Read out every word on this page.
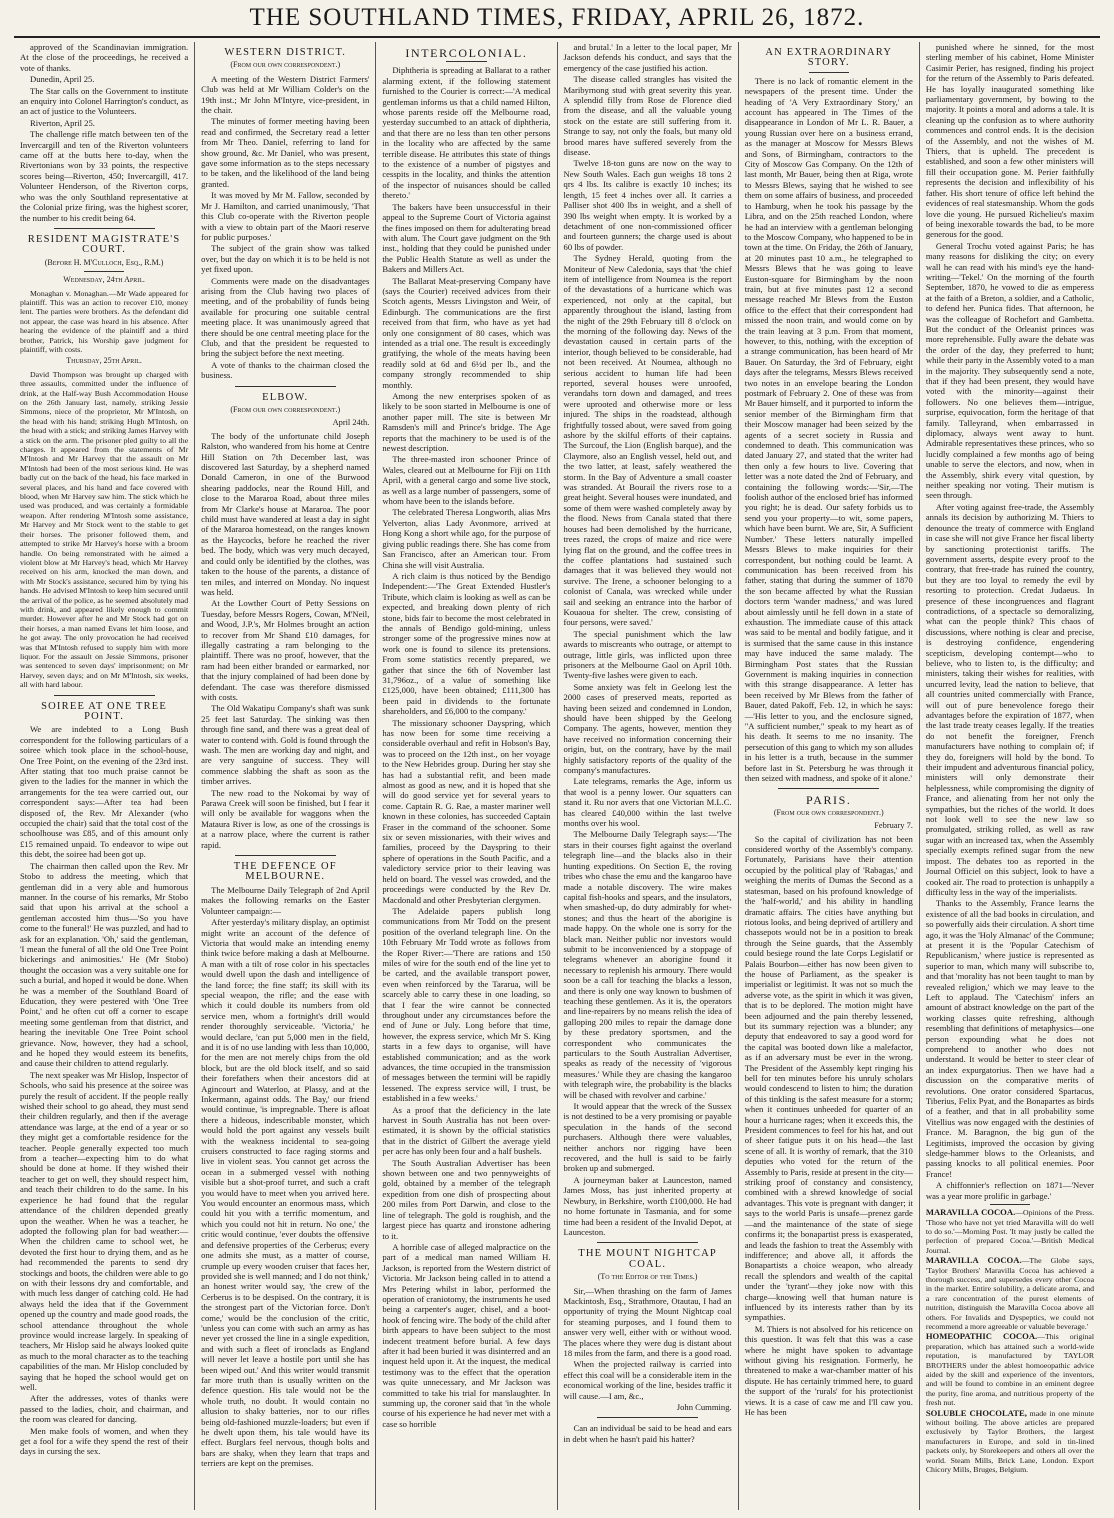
THE SOUTHLAND TIMES, FRIDAY, APRIL 26, 1872.

approved of the Scandinavian immigration. At the close of the proceedings, he received a vote of thanks.

Dunedin, April 25.

The Star calls on the Government to institute an enquiry into Colonel Harrington's conduct, as an act of justice to the Volunteers.

Riverton, April 25.

The challenge rifle match between ten of the Invercargill and ten of the Riverton volunteers came off at the butts here to-day, when the Rivertonians won by 33 points, the respective scores being—Riverton, 450; Invercargill, 417. Volunteer Henderson, of the Riverton corps, who was the only Southland representative at the Colonial prize firing, was the highest scorer, the number to his credit being 64.

RESIDENT MAGISTRATE'S COURT.
(Before H. M'Culloch, Esq., R.M.)
Wednesday, 24th April.

Monaghan v. Monaghan.—Mr Wade appeared for plaintiff. This was an action to recover £10, money lent. The parties were brothers. As the defendant did not appear, the case was heard in his absence. After hearing the evidence of the plaintiff and a third brother, Patrick, his Worship gave judgment for plaintiff, with costs.

Thursday, 25th April.

David Thompson was brought up charged with three assaults, committed under the influence of drink, at the Half-way Bush Accommodation House on the 26th January last, namely, striking Jessie Simmons, niece of the proprietor, Mr M'Intosh, on the head with his hand; striking Hugh M'Intosh, on the head with a stick; and striking James Harvey with a stick on the arm. The prisoner pled guilty to all the charges. It appeared from the statements of Mr M'Intosh and Mr Harvey that the assault on Mr M'Intosh had been of the most serious kind. He was badly cut on the back of the head, his face marked in several places, and his hand and face covered with blood, when Mr Harvey saw him. The stick which he used was produced, and was certainly a formidable weapon. After rendering M'Intosh some assistance, Mr Harvey and Mr Stock went to the stable to get their horses. The prisoner followed them, and attempted to strike Mr Harvey's horse with a broom handle. On being remonstrated with he aimed a violent blow at Mr Harvey's head, which Mr Harvey received on his arm, knocked the man down, and with Mr Stock's assistance, secured him by tying his hands. He advised M'Intosh to keep him secured until the arrival of the police, as he seemed absolutely mad with drink, and appeared likely enough to commit murder. However after he and Mr Stock had got on their horses, a man named Evans let him loose, and he got away. The only provocation he had received was that M'Intosh refused to supply him with more liquor. For the assault on Jessie Simmons, prisoner was sentenced to seven days' imprisonment; on Mr Harvey, seven days; and on Mr M'Intosh, six weeks, all with hard labour.

SOIREE AT ONE TREE POINT.

We are indebted to a Long Bush correspondent for the following particulars of a soiree which took place in the school-house, One Tree Point, on the evening of the 23rd inst. After stating that too much praise cannot be given to the ladies for the manner in which the arrangements for the tea were carried out, our correspondent says:—After tea had been disposed of, the Rev. Mr Alexander (who occupied the chair) said that the total cost of the schoolhouse was £85, and of this amount only £15 remained unpaid. To endeavor to wipe out this debt, the soiree had been got up.

The chairman then called upon the Rev. Mr Stobo to address the meeting, which that gentleman did in a very able and humorous manner. In the course of his remarks, Mr Stobo said that upon his arrival at the school a gentleman accosted him thus—'So you have come to the funeral!' He was puzzled, and had to ask for an explanation. 'Oh,' said the gentleman, 'I mean the funeral of all the old One Tree Point bickerings and animosities.' He (Mr Stobo) thought the occasion was a very suitable one for such a burial, and hoped it would be done. When he was a member of the Southland Board of Education, they were pestered with 'One Tree Point,' and he often cut off a corner to escape meeting some gentleman from that district, and hearing the inevitable One Tree Point school grievance. Now, however, they had a school, and he hoped they would esteem its benefits, and cause their children to attend regularly.

The next speaker was Mr Hislop, Inspector of Schools, who said his presence at the soiree was purely the result of accident. If the people really wished their school to go ahead, they must send their children regularly, and then if the average attendance was large, at the end of a year or so they might get a comfortable residence for the teacher. People generally expected too much from a teacher—expecting him to do what should be done at home. If they wished their teacher to get on well, they should respect him, and teach their children to do the same. In his experience he had found that the regular attendance of the children depended greatly upon the weather. When he was a teacher, he adopted the following plan for bad weather:—When the children came to school wet, he devoted the first hour to drying them, and as he had recommended the parents to send dry stockings and boots, the children were able to go on with their lessons dry and comfortable, and with much less danger of catching cold. He had always held the idea that if the Government opened up the country and made good roads, the school attendance throughout the whole province would increase largely. In speaking of teachers, Mr Hislop said he always looked quite as much to the moral character as to the teaching capabilities of the man. Mr Hislop concluded by saying that he hoped the school would get on well.

After the addresses, votes of thanks were passed to the ladies, choir, and chairman, and the room was cleared for dancing.

Men make fools of women, and when they get a fool for a wife they spend the rest of their days in cursing the sex.

WESTERN DISTRICT.
(From our own correspondent.)

A meeting of the Western District Farmers' Club was held at Mr William Colder's on the 19th inst.; Mr John M'Intyre, vice-president, in the chair.

The minutes of former meeting having been read and confirmed, the Secretary read a letter from Mr Theo. Daniel, referring to land for show ground, &c. Mr Daniel, who was present, gave some information as to the steps necessary to be taken, and the likelihood of the land being granted.

It was moved by Mr M. Fallow, seconded by Mr J. Hamilton, and carried unanimously, 'That this Club co-operate with the Riverton people with a view to obtain part of the Maori reserve for public purposes.'

The subject of the grain show was talked over, but the day on which it is to be held is not yet fixed upon.

Comments were made on the disadvantages arising from the Club having two places of meeting, and of the probability of funds being available for procuring one suitable central meeting place. It was unanimously agreed that there should be one central meeting place for the Club, and that the president be requested to bring the subject before the next meeting.

A vote of thanks to the chairman closed the business.

ELBOW.
(From our own correspondent.)
April 24th.

The body of the unfortunate child Joseph Ralston, who wandered from his home at Centre Hill Station on 7th December last, was discovered last Saturday, by a shepherd named Donald Cameron, in one of the Burwood shearing paddocks, near the Round Hill, and close to the Mararoa Road, about three miles from Mr Clarke's house at Mararoa. The poor child must have wandered at least a day in sight of the Mararoa homestead, on the ranges known as the Haycocks, before he reached the river bed. The body, which was very much decayed, and could only be identified by the clothes, was taken to the house of the parents, a distance of ten miles, and interred on Monday. No inquest was held.

At the Lowther Court of Petty Sessions on Tuesday, before Messrs Rogers, Cowan, M'Neil, and Wood, J.P.'s, Mr Holmes brought an action to recover from Mr Shand £10 damages, for illegally castrating a ram belonging to the plaintiff. There was no proof, however, that the ram had been either branded or earmarked, nor that the injury complained of had been done by defendant. The case was therefore dismissed with costs.

The Old Wakatipu Company's shaft was sunk 25 feet last Saturday. The sinking was then through fine sand, and there was a great deal of water to contend with. Gold is found through the wash. The men are working day and night, and are very sanguine of success. They will commence slabbing the shaft as soon as the timber arrives.

The new road to the Nokomai by way of Parawa Creek will soon be finished, but I fear it will only be available for waggons when the Mataura River is low, as one of the crossings is at a narrow place, where the current is rather rapid.

THE DEFENCE OF MELBOURNE.

The Melbourne Daily Telegraph of 2nd April makes the following remarks on the Easter Volunteer campaign:—

After yesterday's military display, an optimist might write an account of the defence of Victoria that would make an intending enemy think twice before making a dash at Melbourne. A man with a tilt of rose color in his spectacles would dwell upon the dash and intelligence of the land force; the fine staff; its skill with its special weapon, the rifle; and the ease with which it could double its numbers from old service men, whom a fortnight's drill would render thoroughly serviceable. 'Victoria,' he would declare, 'can put 5,000 men in the field, and it is of no use landing with less than 10,000, for the men are not merely chips from the old block, but are the old block itself, and so said their forefathers when their ancestors did at Agincourt and Waterloo, at Plassy, and at the Inkermann, against odds. The Bay,' our friend would continue, 'is impregnable. There is afloat there a hideous, indescribable monster, which would hold the port against any vessels built with the weakness incidental to sea-going cruisers constructed to face raging storms and live in violent seas. You cannot get across the ocean in a submerged vessel with nothing visible but a shot-proof turret, and such a craft you would have to meet when you arrived here. You would encounter an enormous mass, which could hit you with a terrific momentum, and which you could not hit in return. No one,' the critic would continue, 'ever doubts the offensive and defensive properties of the Cerberus; every one admits she must, as a matter of course, crumple up every wooden cruiser that faces her, provided she is well manned; and I do not think,' an honest writer would say, 'the crew of the Cerberus is to be despised. On the contrary, it is the strongest part of the Victorian force. Don't come,' would be the conclusion of the critic, 'unless you can come with such an army as has never yet crossed the line in a single expedition, and with such a fleet of ironclads as England will never let leave a hostile port until she has been wiped out.' And this writer would transmit far more truth than is usually written on the defence question. His tale would not be the whole truth, no doubt. It would contain no allusion to shaky batteries, nor to our rifles being old-fashioned muzzle-loaders; but even if he dwelt upon them, his tale would have its effect. Burglars feel nervous, though bolts and bars are shaky, when they learn that traps and terriers are kept on the premises.

INTERCOLONIAL.

Diphtheria is spreading at Ballarat to a rather alarming extent, if the following statement furnished to the Courier is correct:—'A medical gentleman informs us that a child named Hilton, whose parents reside off the Melbourne road, yesterday succumbed to an attack of diphtheria, and that there are no less than ten other persons in the locality who are affected by the same terrible disease. He attributes this state of things to the existence of a number of pigstyes and cesspits in the locality, and thinks the attention of the inspector of nuisances should be called thereto.'

The bakers have been unsuccessful in their appeal to the Supreme Court of Victoria against the fines imposed on them for adulterating bread with alum. The Court gave judgment on the 9th inst., holding that they could be punished under the Public Health Statute as well as under the Bakers and Millers Act.

The Ballarat Meat-preserving Company have (says the Courier) received advices from their Scotch agents, Messrs Livingston and Weir, of Edinburgh. The communications are the first received from that firm, who have as yet had only one consignment of 80 cases, which was intended as a trial one. The result is exceedingly gratifying, the whole of the meats having been readily sold at 6d and 6½d per lb., and the company strongly recommended to ship monthly.

Among the new enterprises spoken of as likely to be soon started in Melbourne is one of another paper mill. The site is between Mr Ramsden's mill and Prince's bridge. The Age reports that the machinery to be used is of the newest description.

The three-masted iron schooner Prince of Wales, cleared out at Melbourne for Fiji on 11th April, with a general cargo and some live stock, as well as a large number of passengers, some of whom have been to the islands before.

The celebrated Theresa Longworth, alias Mrs Yelverton, alias Lady Avonmore, arrived at Hong Kong a short while ago, for the purpose of giving public readings there. She has come from San Francisco, after an American tour. From China she will visit Australia.

A rich claim is thus noticed by the Bendigo Independent:—'The Great Extended Hustler's Tribute, which claim is looking as well as can be expected, and breaking down plenty of rich stone, bids fair to become the most celebrated in the annals of Bendigo gold-mining, unless stronger some of the progressive mines now at work one is found to silence its pretensions. From some statistics recently prepared, we gather that since the 6th of November last 31,796oz., of a value of something like £125,000, have been obtained; £111,300 has been paid in dividends to the fortunate shareholders, and £6,000 to the company.'

The missionary schooner Dayspring, which has now been for some time receiving a considerable overhaul and refit in Hobson's Bay, was to proceed on the 12th inst., on her voyage to the New Hebrides group. During her stay she has had a substantial refit, and been made almost as good as new, and it is hoped that she will do good service yet for several years to come. Captain R. G. Rae, a master mariner well known in these colonies, has succeeded Captain Fraser in the command of the schooner. Some six or seven missionaries, with their wives and families, proceed by the Dayspring to their sphere of operations in the South Pacific, and a valedictory service prior to their leaving was held on board. The vessel was crowded, and the proceedings were conducted by the Rev Dr. Macdonald and other Presbyterian clergymen.

The Adelaide papers publish long communications from Mr Todd on the present position of the overland telegraph line. On the 10th February Mr Todd wrote as follows from the Roper River:—'There are rations and 150 miles of wire for the south end of the line yet to be carted, and the available transport power, even when reinforced by the Tararua, will be scarcely able to carry these in one loading, so that I fear the wire cannot be connected throughout under any circumstances before the end of June or July. Long before that time, however, the express service, which Mr S. King starts in a few days to organise, will have established communication; and as the work advances, the time occupied in the transmission of messages between the termini will be rapidly lessened. The express service will, I trust, be established in a few weeks.'

As a proof that the deficiency in the late harvest in South Australia has not been over-estimated, it is shown by the official statistics that in the district of Gilbert the average yield per acre has only been four and a half bushels.

The South Australian Advertiser has been shown between one and two pennyweights of gold, obtained by a member of the telegraph expedition from one dish of prospecting about 200 miles from Port Darwin, and close to the line of telegraph. The gold is roughish, and the largest piece has quartz and ironstone adhering to it.

A horrible case of alleged malpractice on the part of a medical man named William H. Jackson, is reported from the Western district of Victoria. Mr Jackson being called in to attend a Mrs Petering whilst in labor, performed the operation of craniotomy, the instruments he used being a carpenter's auger, chisel, and a boot-hook of fencing wire. The body of the child after birth appears to have been subject to the most indecent treatment before burial. A few days after it had been buried it was disinterred and an inquest held upon it. At the inquest, the medical testimony was to the effect that the operation was quite unnecessary, and Mr Jackson was committed to take his trial for manslaughter. In summing up, the coroner said that 'in the whole course of his experience he had never met with a case so horrible

and brutal.' In a letter to the local paper, Mr Jackson defends his conduct, and says that the emergency of the case justified his action.

The disease called strangles has visited the Maribyrnong stud with great severity this year. A splendid filly from Rose de Florence died from the disease, and all the valuable young stock on the estate are still suffering from it. Strange to say, not only the foals, but many old brood mares have suffered severely from the disease.

Twelve 18-ton guns are now on the way to New South Wales. Each gun weighs 18 tons 2 qrs 4 lbs. Its calibre is exactly 10 inches; its length, 15 feet 4 inches over all. It carries a Palliser shot 400 lbs in weight, and a shell of 390 lbs weight when empty. It is worked by a detachment of one non-commissioned officer and fourteen gunners; the charge used is about 60 lbs of powder.

The Sydney Herald, quoting from the Moniteur of New Caledonia, says that 'the chief item of intelligence from Noumea is the report of the devastations of a hurricane which was experienced, not only at the capital, but apparently throughout the island, lasting from the night of the 29th February till 8 o'clock on the morning of the following day. News of the devastation caused in certain parts of the interior, though believed to be considerable, had not been received. At Noumea, although no serious accident to human life had been reported, several houses were unroofed, verandahs torn down and damaged, and trees were uprooted and otherwise more or less injured. The ships in the roadstead, although frightfully tossed about, were saved from going ashore by the skilful efforts of their captains. The Surcouf, the Lion (English barque), and the Claymore, also an English vessel, held out, and the two latter, at least, safely weathered the storm. In the Bay of Adventure a small coaster was stranded. At Bourail the rivers rose to a great height. Several houses were inundated, and some of them were washed completely away by the flood. News from Canala stated that there houses had been demolished by the hurricane, trees razed, the crops of maize and rice were lying flat on the ground, and the coffee trees in the coffee plantations had sustained such damages that it was believed they would not survive. The Irene, a schooner belonging to a colonist of Canala, was wrecked while under sail and seeking an entrance into the harbor of Kouaoua for shelter. The crew, consisting of four persons, were saved.'

The special punishment which the law awards to miscreants who outrage, or attempt to outrage, little girls, was inflicted upon three prisoners at the Melbourne Gaol on April 10th. Twenty-five lashes were given to each.

Some anxiety was felt in Geelong lest the 2000 cases of preserved meats, reported as having been seized and condemned in London, should have been shipped by the Geelong Company. The agents, however, mention they have received no information concerning their origin, but, on the contrary, have by the mail highly satisfactory reports of the quality of the company's manufactures.

Late telegrams, remarks the Age, inform us that wool is a penny lower. Our squatters can stand it. Ru nor avers that one Victorian M.L.C. has cleared £40,000 within the last twelve months over his wool.

The Melbourne Daily Telegraph says:—'The stars in their courses fight against the overland telegraph line—and the blacks also in their hunting expeditions. On Section E, the roving tribes who chase the emu and the kangaroo have made a notable discovery. The wire makes capital fish-hooks and spears, and the insulators, when smashed-up, do duty admirably for whet-stones; and thus the heart of the aborigine is made happy. On the whole one is sorry for the black man. Neither public nor investors would submit to be inconvenienced by a stoppage of telegrams whenever an aborigine found it necessary to replenish his armoury. There would soon be a call for teaching the blacks a lesson, and there is only one way known to bushmen of teaching these gentlemen. As it is, the operators and line-repairers by no means relish the idea of galloping 200 miles to repair the damage done by these predatory sportsmen, and the correspondent who communicates the particulars to the South Australian Advertiser, speaks as ready of the necessity of 'vigorous measures.' While they are chasing the kangaroo with telegraph wire, the probability is the blacks will be chased with revolver and carbine.'

It would appear that the wreck of the Sussex is not destined to be a very promising or payable speculation in the hands of the second purchasers. Although there were valuables, neither anchors nor rigging have been recovered, and the hull is said to be fairly broken up and submerged.

A journeyman baker at Launceston, named James Moss, has just inherited property at Newbury, in Berkshire, worth £100,000. He had no home fortunate in Tasmania, and for some time had been a resident of the Invalid Depot, at Launceston.

THE MOUNT NIGHTCAP COAL.
(To the Editor of the Times.)

Sir,—When thrashing on the farm of James Mackintosh, Esq., Strathmore, Otautau, I had an opportunity of trying the Mount Nightcap coal for steaming purposes, and I found them to answer very well, either with or without wood. The places where they were dug is distant about 18 miles from the farm, and there is a good road.

When the projected railway is carried into effect this coal will be a considerable item in the economical working of the line, besides traffic it will cause.—I am, &c.,

John Cumming.

Can an individual be said to be head and ears in debt when he hasn't paid his hatter?

AN EXTRAORDINARY STORY.

There is no lack of romantic element in the newspapers of the present time. Under the heading of 'A Very Extraordinary Story,' an account has appeared in The Times of the disappearance in London of Mr L. R. Bauer, a young Russian over here on a business errand, as the manager at Moscow for Messrs Blews and Sons, of Birmingham, contractors to the City of Moscow Gas Company. On the 12th of last month, Mr Bauer, being then at Riga, wrote to Messrs Blews, saying that he wished to see them on some affairs of business, and proceeded to Hamburg, when he took his passage by the Libra, and on the 25th reached London, where he had an interview with a gentleman belonging to the Moscow Company, who happened to be in town at the time. On Friday, the 26th of January, at 20 minutes past 10 a.m., he telegraphed to Messrs Blews that he was going to leave Euston-square for Birmingham by the noon train, but at five minutes past 12 a second message reached Mr Blews from the Euston office to the effect that their correspondent had missed the noon train, and would come on by the train leaving at 3 p.m. From that moment, however, to this, nothing, with the exception of a strange communication, has been heard of Mr Bauer. On Saturday, the 3rd of February, eight days after the telegrams, Messrs Blews received two notes in an envelope bearing the London postmark of February 2. One of these was from Mr Bauer himself, and it purported to inform the senior member of the Birmingham firm that their Moscow manager had been seized by the agents of a secret society in Russia and condemned to death. This communication was dated January 27, and stated that the writer had then only a few hours to live. Covering that letter was a note dated the 2nd of February, and containing the following words:—'Sir,—The foolish author of the enclosed brief has informed you right; he is dead. Our safety forbids us to send you your property—to wit, some papers, which have been burnt. We are, Sir, A Sufficient Number.' These letters naturally impelled Messrs Blews to make inquiries for their correspondent, but nothing could be learnt. A communication has been received from his father, stating that during the summer of 1870 the son became affected by what the Russian doctors term 'wander madness,' and was lured about aimlessly until he fell down in a state of exhaustion. The immediate cause of this attack was said to be mental and bodily fatigue, and it is surmised that the same cause in this instance may have induced the same malady. The Birmingham Post states that the Russian Government is making inquiries in connection with this strange disappearance. A letter has been received by Mr Blews from the father of Bauer, dated Pakoff, Feb. 12, in which he says:—'His letter to you, and the enclosure signed, "A sufficient number," speak to my heart as of his death. It seems to me no insanity. The persecution of this gang to which my son alludes in his letter is a truth, because in the summer before last in St. Petersburg he was through it then seized with madness, and spoke of it alone.'

PARIS.
(From our own correspondent.)
February 7.

So the capital of civilization has not been considered worthy of the Assembly's company. Fortunately, Parisians have their attention occupied by the political play of 'Rabagas,' and weighing the merits of Dumas the Second as a statesman, based on his profound knowledge of the 'half-world,' and his ability in handling dramatic affairs. The cities have anything but riotous looks, and being deprived of artillery and chassepots would not be in a position to break through the Seine guards, that the Assembly could besiege round the late Corps Legislatif or Palais Bourbon—either has now been given to the house of Parliament, as the speaker is imperialist or legitimist. It was not so much the adverse vote, as the spirit in which it was given, that is to be deplored. The motion might have been adjourned and the pain thereby lessened, but its summary rejection was a blunder; any deputy that endeavored to say a good word for the capital was booted down like a malefactor, as if an adversary must be ever in the wrong. The President of the Assembly kept ringing his bell for ten minutes before his unruly scholars would condescend to listen to him; the duration of this tinkling is the safest measure for a storm; when it continues unheeded for quarter of an hour a hurricane rages; when it exceeds this, the President commences to feel for his hat, and out of sheer fatigue puts it on his head—the last scene of all. It is worthy of remark, that the 310 deputies who voted for the return of the Assembly to Paris, reside at present in the city—striking proof of constancy and consistency, combined with a shrewd knowledge of social advantages. This vote is pregnant with danger; it says to the world Paris is unsafe—prenez garde—and the maintenance of the state of siege confirms it; the bonapartist press is exasperated, and leads the fashion to treat the Assembly with indifference; and above all, it affords the Bonapartists a choice weapon, who already recall the splendors and wealth of the capital under the 'tyrant'—they joke now with this charge—knowing well that human nature is influenced by its interests rather than by its sympathies.

M. Thiers is not absolved for his reticence on this question. It was felt that this was a case where he might have spoken to advantage without giving his resignation. Formerly, he threatened to make a war-chamber matter of his dispute. He has certainly trimmed here, to guard the support of the 'rurals' for his protectionist views. It is a case of caw me and I'll caw you. He has been

punished where he sinned, for the most sterling member of his cabinet, Home Minister Casimir Perier, has resigned, finding his project for the return of the Assembly to Paris defeated. He has loyally inaugurated something like parliamentary government, by bowing to the majority. It points a moral and adorns a tale. It is cleaning up the confusion as to where authority commences and control ends. It is the decision of the Assembly, and not the wishes of M. Thiers, that is upheld. The precedent is established, and soon a few other ministers will fill their occupation gone. M. Perier faithfully represents the decision and inflexibility of his father. His short tenure of office left behind the evidences of real statesmanship. Whom the gods love die young. He pursued Richelieu's maxim of being inexorable towards the bad, to be more generous for the good.

General Trochu voted against Paris; he has many reasons for disliking the city; on every wall he can read with his mind's eye the hand-writing—'Tekel.' On the morning of the fourth September, 1870, he vowed to die as emperess at the faith of a Breton, a soldier, and a Catholic, to defend her. Punica fides. That afternoon, he was the colleague of Rochefort and Gambetta. But the conduct of the Orleanist princes was more reprehensible. Fully aware the debate was the order of the day, they preferred to hunt; while their party in the Assembly voted to a man in the majority. They subsequently send a note, that if they had been present, they would have voted with the minority—against their followers. No one believes them—intrigue, surprise, equivocation, form the heritage of that family. Talleyrand, when embarrassed in diplomacy, always went away to hunt. Admirable representatives these princes, who so lucidly complained a few months ago of being unable to serve the electors, and now, when in the Assembly, shirk every vital question, by neither speaking nor voting. Their mutism is seen through.

After voting against free-trade, the Assembly annals its decision by authorizing M. Thiers to denounce the treaty of commerce with England in case she will not give France her fiscal liberty by sanctioning protectionist tariffs. The government asserts, despite every proof to the contrary, that free-trade has ruined the country, but they are too loyal to remedy the evil by resorting to protection. Credat Judaeus. In presence of these incongruences and flagrant contradictions, of a spectacle so demoralizing, what can the people think? This chaos of discussions, where nothing is clear and precise, is destroying confidence, engendering scepticism, developing contempt—who to believe, who to listen to, is the difficulty; and ministers, taking their wishes for realities, with uncurred levity, lead the nation to believe, that all countries united commercially with France, will out of pure benevolence forego their advantages before the expiration of 1877, when the last trade treaty ceases legally. If the treaties do not benefit the foreigner, French manufacturers have nothing to complain of; if they do, foreigners will hold by the bond. To their impudent and adventurous financial policy, ministers will only demonstrate their helplessness, while compromising the dignity of France, and alienating from her not only the sympathies, but the riches of the world. It does not look well to see the new law so promulgated, striking rolled, as well as raw sugar with an increased tax, when the Assembly specially exempts refined sugar from the new impost. The debates too as reported in the Journal Officiel on this subject, look to have a cooked air. The road to protection is unhappily a difficulty less in the way of the imperialists.

Thanks to the Assembly, France learns the existence of all the bad books in circulation, and so powerfully aids their circulation. A short time ago, it was the 'Holy Almanac' of the Commune; at present it is the 'Popular Catechism of Republicanism,' where justice is represented as superior to man, which many will subscribe to, and that 'morality has not been taught to man by revealed religion,' which we may leave to the Left to applaud. The 'Catechism' infers an amount of abstract knowledge on the part of the working classes quite refreshing, although resembling that definitions of metaphysics—one person expounding what he does not comprehend to another who does not understand. It would be better to steer clear of an index expurgatorius. Then we have had a discussion on the comparative merits of revolutions. One orator considered Spartacus, Tiberius, Felix Pyat, and the Bonapartes as birds of a feather, and that in all probability some Vitellius was now engaged with the destinies of France. M. Baragnon, the big gun of the Legitimists, improved the occasion by giving sledge-hammer blows to the Orleanists, and passing knocks to all political enemies. Poor France!

A chiffonnier's reflection on 1871—'Never was a year more prolific in garbage.'

MARAVILLA COCOA.—Opinions of the Press. 'Those who have not yet tried Maravilla will do well to do so.'—Morning Post. 'It may justly be called the perfection of prepared Cocoa.'—British Medical Journal.

MARAVILLA COCOA.—The Globe says, 'Taylor Brothers' Maravilla Cocoa has achieved a thorough success, and supersedes every other Cocoa in the market. Entire solubility, a delicate aroma, and a rare concentration of the purest elements of nutrition, distinguish the Maravilla Cocoa above all others. For Invalids and Dyspeptics, we could not recommend a more agreeable or valuable beverage.'

HOMEOPATHIC COCOA.—This original preparation, which has attained such a world-wide reputation, is manufactured by TAYLOR BROTHERS under the ablest homoeopathic advice aided by the skill and experience of the inventors, and will be found to combine in an eminent degree the purity, fine aroma, and nutritious property of the fresh nut.

SOLUBLE CHOCOLATE, made in one minute without boiling. The above articles are prepared exclusively by Taylor Brothers, the largest manufacturers in Europe, and sold in tin-lined packets only, by Storekeepers and others all over the world. Steam Mills, Brick Lane, London. Export Chicory Mills, Bruges, Belgium.
